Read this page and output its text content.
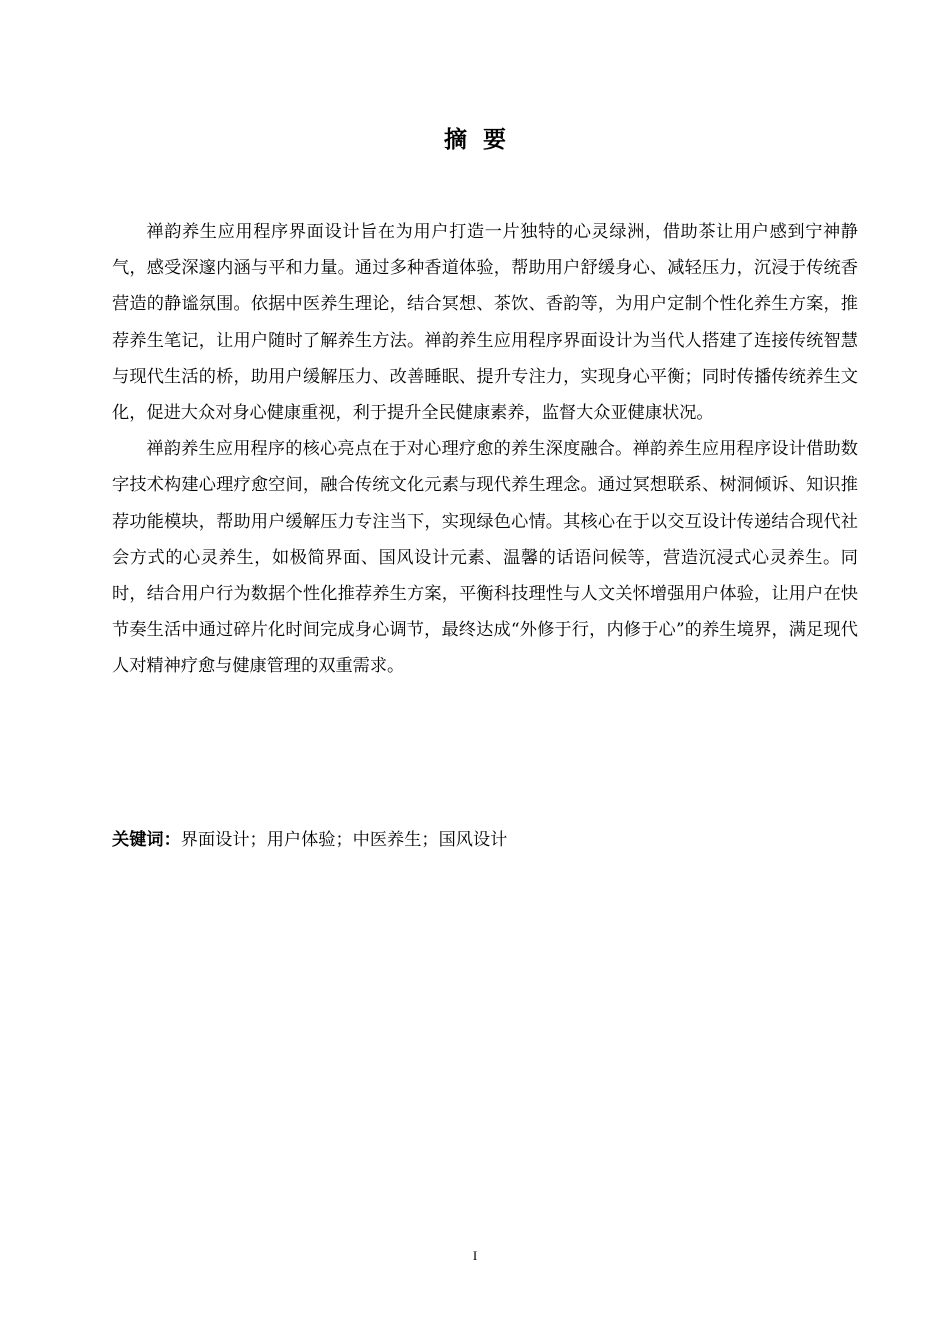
摘 要

禅韵养生应用程序界面设计旨在为用户打造一片独特的心灵绿洲，借助茶让用户感到宁神静气，感受深邃内涵与平和力量。通过多种香道体验，帮助用户舒缓身心、减轻压力，沉浸于传统香营造的静谧氛围。依据中医养生理论，结合冥想、茶饮、香韵等，为用户定制个性化养生方案，推荐养生笔记，让用户随时了解养生方法。禅韵养生应用程序界面设计为当代人搭建了连接传统智慧与现代生活的桥，助用户缓解压力、改善睡眠、提升专注力，实现身心平衡；同时传播传统养生文化，促进大众对身心健康重视，利于提升全民健康素养，监督大众亚健康状况。

禅韵养生应用程序的核心亮点在于对心理疗愈的养生深度融合。禅韵养生应用程序设计借助数字技术构建心理疗愈空间，融合传统文化元素与现代养生理念。通过冥想联系、树洞倾诉、知识推荐功能模块，帮助用户缓解压力专注当下，实现绿色心情。其核心在于以交互设计传递结合现代社会方式的心灵养生，如极简界面、国风设计元素、温馨的话语问候等，营造沉浸式心灵养生。同时，结合用户行为数据个性化推荐养生方案，平衡科技理性与人文关怀增强用户体验，让用户在快节奏生活中通过碎片化时间完成身心调节，最终达成“外修于行，内修于心”的养生境界，满足现代人对精神疗愈与健康管理的双重需求。

关键词：界面设计；用户体验；中医养生；国风设计
I
